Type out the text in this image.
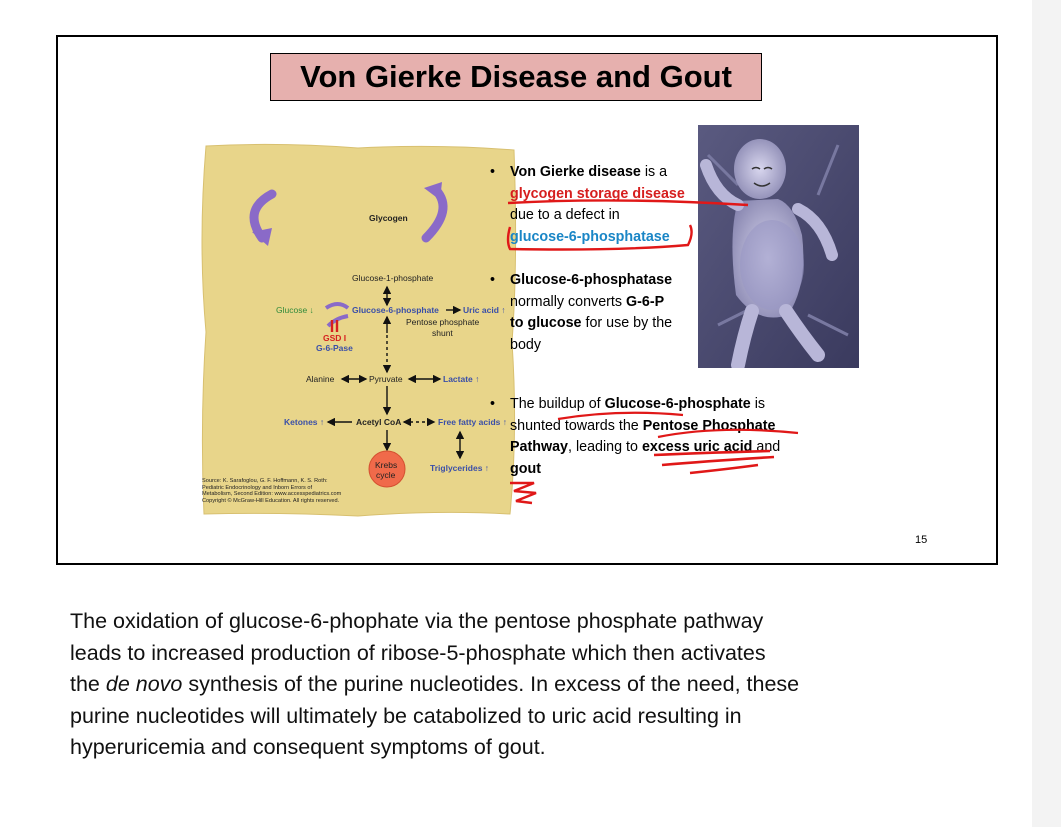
Von Gierke Disease and Gout
Glycogen
Glucose-1-phosphate
Glucose ↓	Glucose-6-phosphate	Uric acid ↑
GSD I
G-6-Pase
Pentose phosphate
shunt
Alanine	Pyruvate	Lactate ↑
Ketones ↑	Acetyl CoA	Free fatty acids ↑
Krebs
cycle
Triglycerides ↑
Source: K. Sarafoglou, G. F. Hoffmann, K. S. Roth:
Pediatric Endocrinology and Inborn Errors of
Metabolism, Second Edition: www.accesspediatrics.com
Copyright © McGraw-Hill Education. All rights reserved.
• Von Gierke disease is a
glycogen storage disease
due to a defect in
glucose-6-phosphatase
• Glucose-6-phosphatase
normally converts G-6-P
to glucose for use by the
body
• The buildup of Glucose-6-phosphate is
shunted towards the Pentose Phosphate
Pathway, leading to excess uric acid and
gout
15
The oxidation of glucose-6-phophate via the pentose phosphate pathway
leads to increased production of ribose-5-phosphate which then activates
the de novo synthesis of the purine nucleotides. In excess of the need, these
purine nucleotides will ultimately be catabolized to uric acid resulting in
hyperuricemia and consequent symptoms of gout.
